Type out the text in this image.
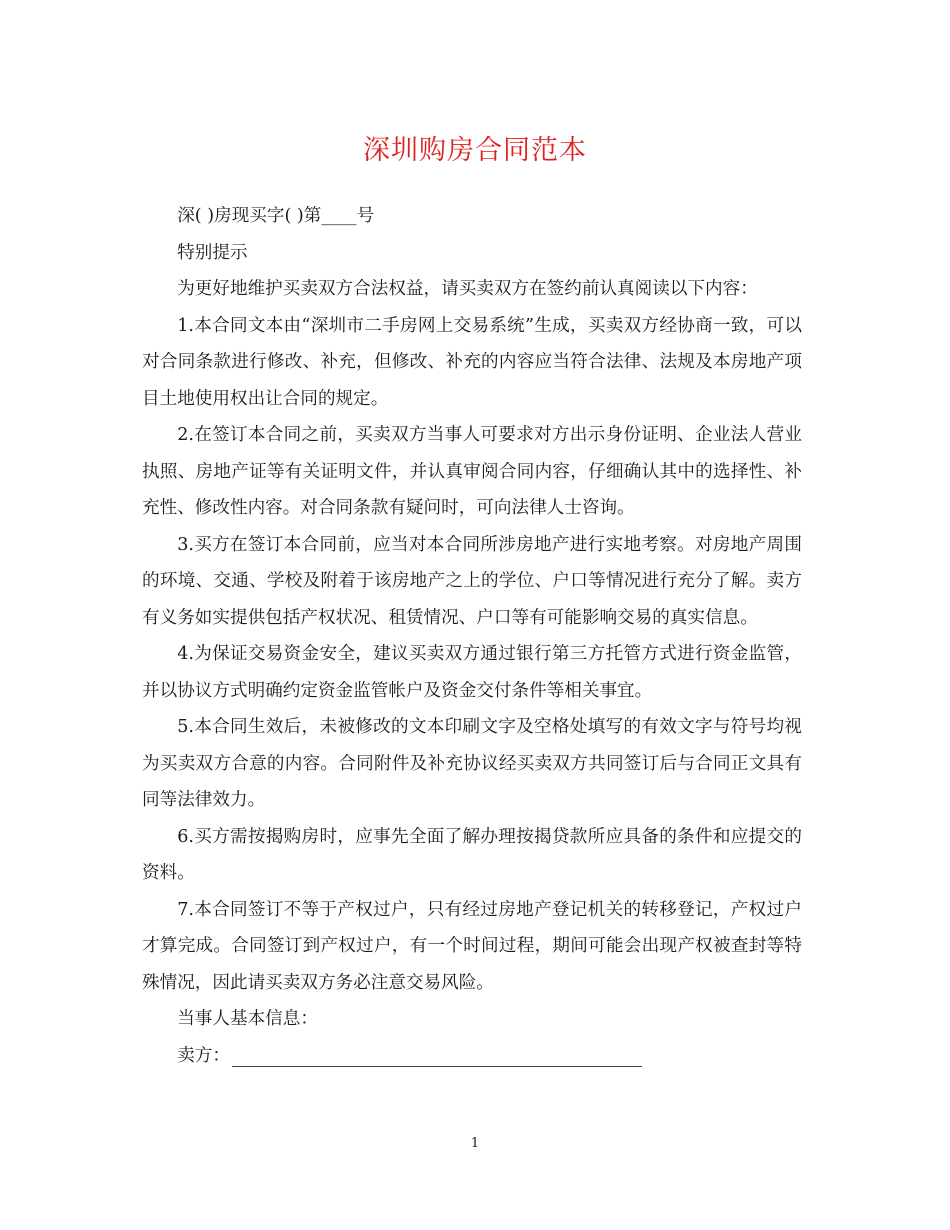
深圳购房合同范本

深( )房现买字( )第____号

特别提示

为更好地维护买卖双方合法权益，请买卖双方在签约前认真阅读以下内容：

1.本合同文本由“深圳市二手房网上交易系统”生成，买卖双方经协商一致，可以对合同条款进行修改、补充，但修改、补充的内容应当符合法律、法规及本房地产项目土地使用权出让合同的规定。

2.在签订本合同之前，买卖双方当事人可要求对方出示身份证明、企业法人营业执照、房地产证等有关证明文件，并认真审阅合同内容，仔细确认其中的选择性、补充性、修改性内容。对合同条款有疑问时，可向法律人士咨询。

3.买方在签订本合同前，应当对本合同所涉房地产进行实地考察。对房地产周围的环境、交通、学校及附着于该房地产之上的学位、户口等情况进行充分了解。卖方有义务如实提供包括产权状况、租赁情况、户口等有可能影响交易的真实信息。

4.为保证交易资金安全，建议买卖双方通过银行第三方托管方式进行资金监管，并以协议方式明确约定资金监管帐户及资金交付条件等相关事宜。

5.本合同生效后，未被修改的文本印刷文字及空格处填写的有效文字与符号均视为买卖双方合意的内容。合同附件及补充协议经买卖双方共同签订后与合同正文具有同等法律效力。

6.买方需按揭购房时，应事先全面了解办理按揭贷款所应具备的条件和应提交的资料。

7.本合同签订不等于产权过户，只有经过房地产登记机关的转移登记，产权过户才算完成。合同签订到产权过户，有一个时间过程，期间可能会出现产权被查封等特殊情况，因此请买卖双方务必注意交易风险。

当事人基本信息：

卖方：

1
